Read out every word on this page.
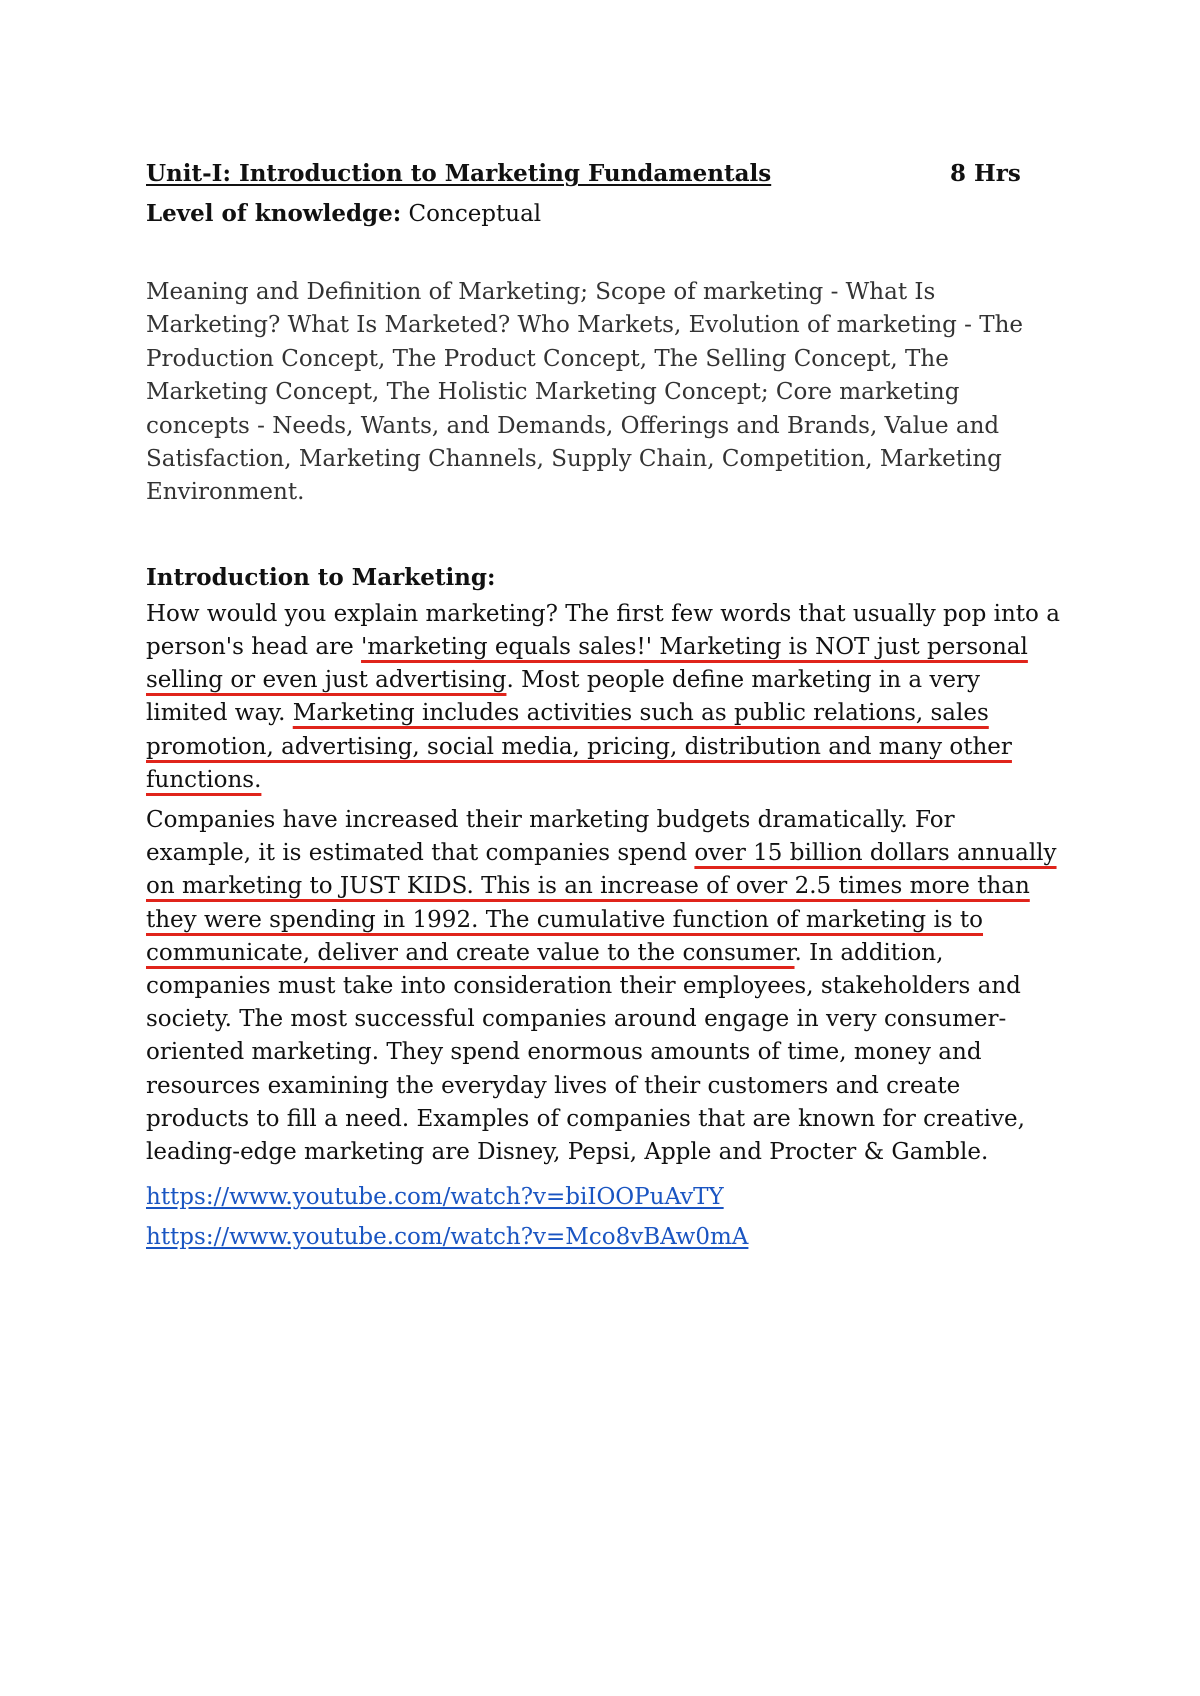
Unit-I: Introduction to Marketing Fundamentals	8 Hrs
Level of knowledge: Conceptual
Meaning and Definition of Marketing; Scope of marketing - What Is Marketing? What Is Marketed? Who Markets, Evolution of marketing - The Production Concept, The Product Concept, The Selling Concept, The Marketing Concept, The Holistic Marketing Concept; Core marketing concepts - Needs, Wants, and Demands, Offerings and Brands, Value and Satisfaction, Marketing Channels, Supply Chain, Competition, Marketing Environment.
Introduction to Marketing:

How would you explain marketing? The first few words that usually pop into a person's head are 'marketing equals sales!' Marketing is NOT just personal selling or even just advertising. Most people define marketing in a very limited way. Marketing includes activities such as public relations, sales promotion, advertising, social media, pricing, distribution and many other functions.

Companies have increased their marketing budgets dramatically. For example, it is estimated that companies spend over 15 billion dollars annually on marketing to JUST KIDS. This is an increase of over 2.5 times more than they were spending in 1992. The cumulative function of marketing is to communicate, deliver and create value to the consumer. In addition, companies must take into consideration their employees, stakeholders and society. The most successful companies around engage in very consumer-oriented marketing. They spend enormous amounts of time, money and resources examining the everyday lives of their customers and create products to fill a need. Examples of companies that are known for creative, leading-edge marketing are Disney, Pepsi, Apple and Procter & Gamble.

https://www.youtube.com/watch?v=biIOOPuAvTY
https://www.youtube.com/watch?v=Mco8vBAw0mA
